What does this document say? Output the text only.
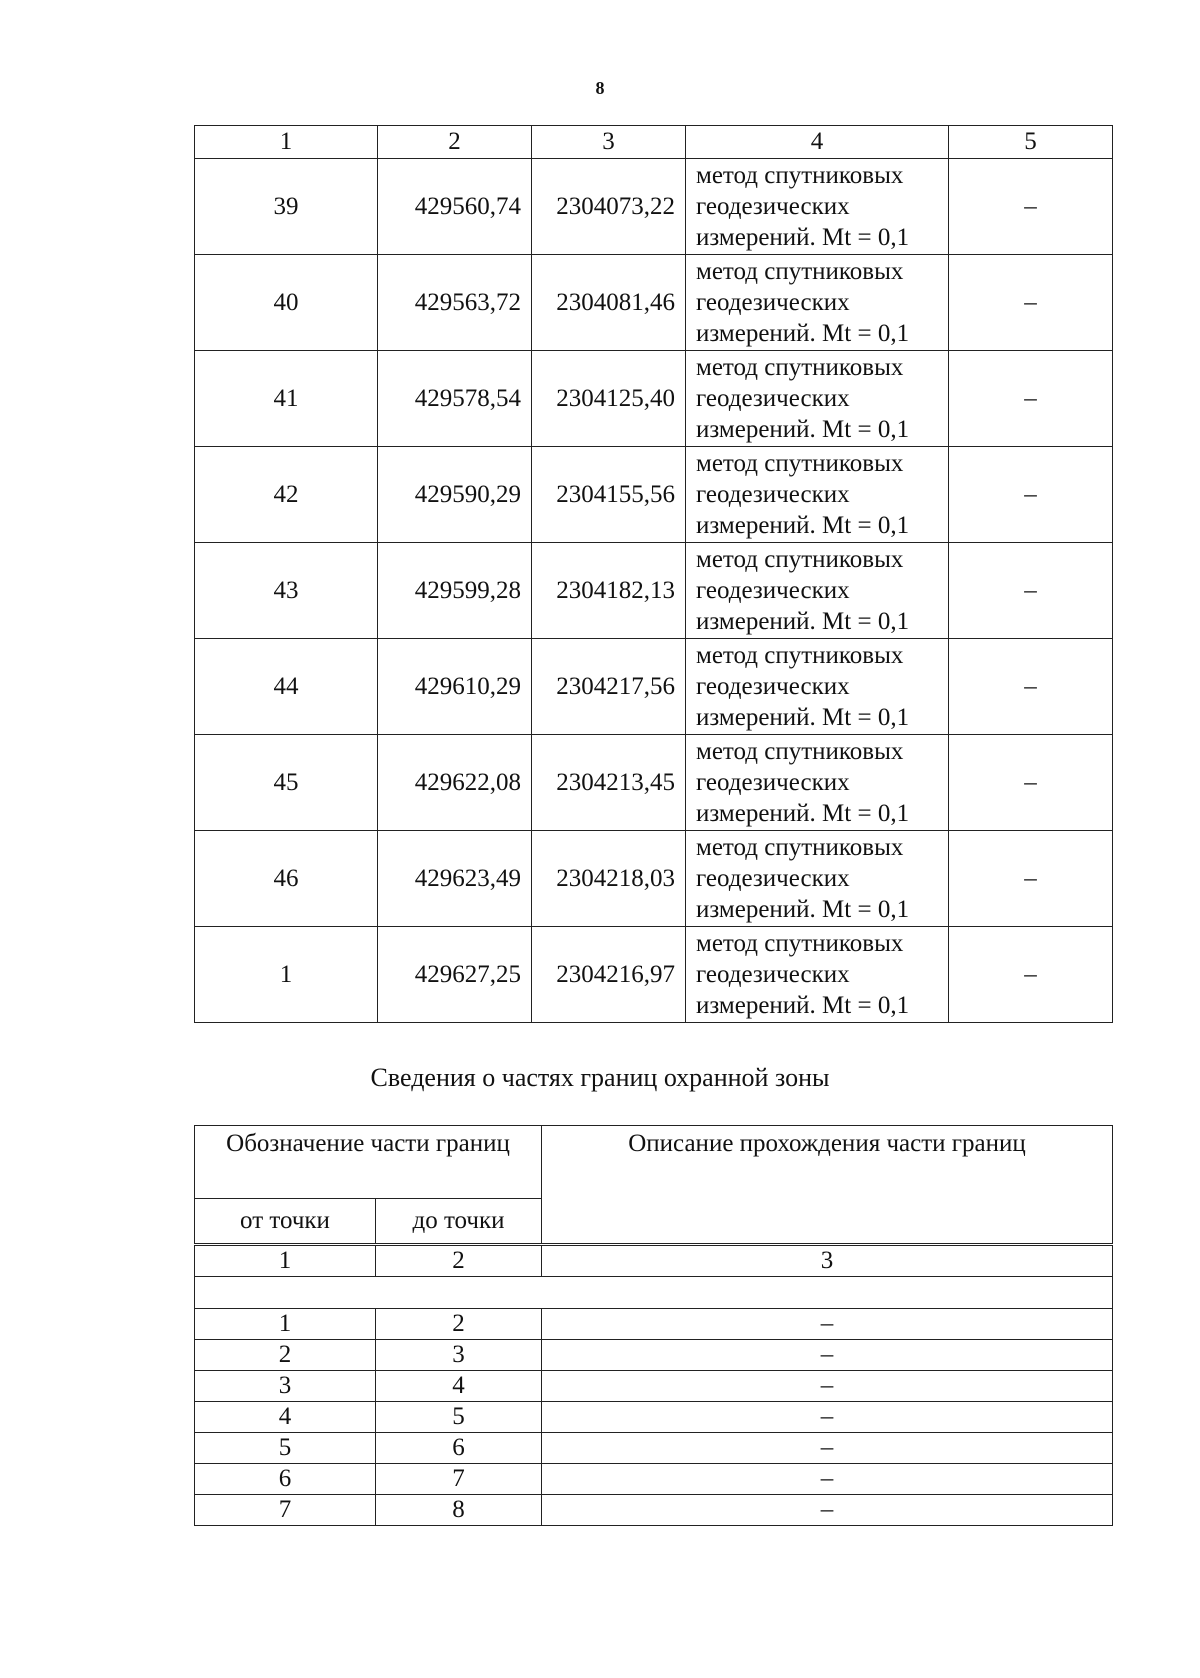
8
1	2	3	4	5
39	429560,74	2304073,22	метод спутниковых
геодезических
измерений. Mt = 0,1	–
40	429563,72	2304081,46	метод спутниковых
геодезических
измерений. Mt = 0,1	–
41	429578,54	2304125,40	метод спутниковых
геодезических
измерений. Mt = 0,1	–
42	429590,29	2304155,56	метод спутниковых
геодезических
измерений. Mt = 0,1	–
43	429599,28	2304182,13	метод спутниковых
геодезических
измерений. Mt = 0,1	–
44	429610,29	2304217,56	метод спутниковых
геодезических
измерений. Mt = 0,1	–
45	429622,08	2304213,45	метод спутниковых
геодезических
измерений. Mt = 0,1	–
46	429623,49	2304218,03	метод спутниковых
геодезических
измерений. Mt = 0,1	–
1	429627,25	2304216,97	метод спутниковых
геодезических
измерений. Mt = 0,1	–
Сведения о частях границ охранной зоны
Обозначение части границ		Описание прохождения части границ
от точки	до точки	
1	2	3

1	2	–
2	3	–
3	4	–
4	5	–
5	6	–
6	7	–
7	8	–
